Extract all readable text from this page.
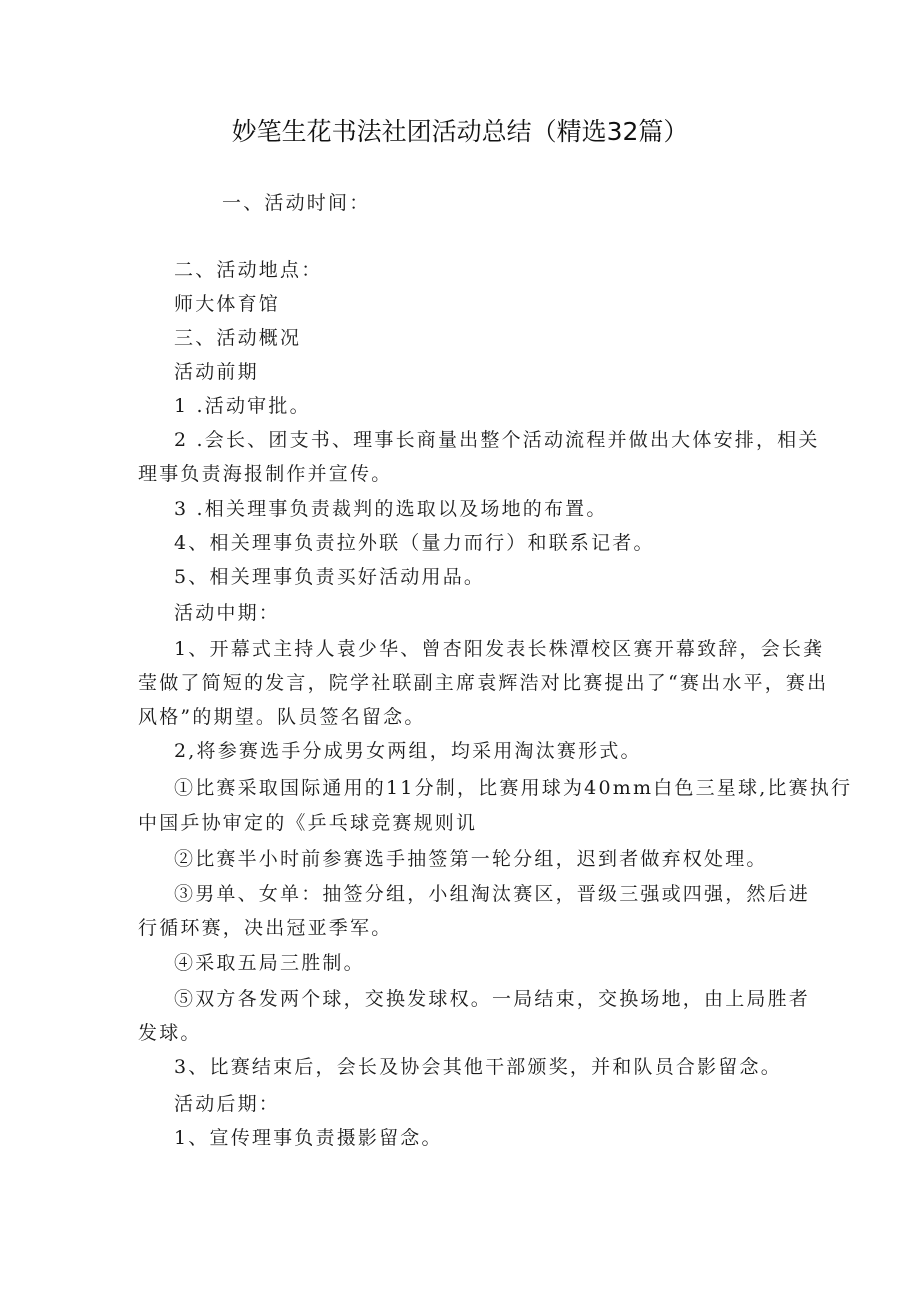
妙笔生花书法社团活动总结（精选32篇）
一、活动时间：
二、活动地点：
师大体育馆
三、活动概况
活动前期
1 .活动审批。
2 .会长、团支书、理事长商量出整个活动流程并做出大体安排，相关
理事负责海报制作并宣传。
3 .相关理事负责裁判的选取以及场地的布置。
4、相关理事负责拉外联（量力而行）和联系记者。
5、相关理事负责买好活动用品。
活动中期：
1、开幕式主持人袁少华、曾杏阳发表长株潭校区赛开幕致辞，会长龚
莹做了简短的发言，院学社联副主席袁辉浩对比赛提出了“赛出水平，赛出
风格”的期望。队员签名留念。
2,将参赛选手分成男女两组，均采用淘汰赛形式。
①比赛采取国际通用的11分制，比赛用球为40mm白色三星球,比赛执行
中国乒协审定的《乒乓球竞赛规则讥
②比赛半小时前参赛选手抽签第一轮分组，迟到者做弃权处理。
③男单、女单：抽签分组，小组淘汰赛区，晋级三强或四强，然后进
行循环赛，决出冠亚季军。
④采取五局三胜制。
⑤双方各发两个球，交换发球权。一局结束，交换场地，由上局胜者
发球。
3、比赛结束后，会长及协会其他干部颁奖，并和队员合影留念。
活动后期：
1、宣传理事负责摄影留念。
